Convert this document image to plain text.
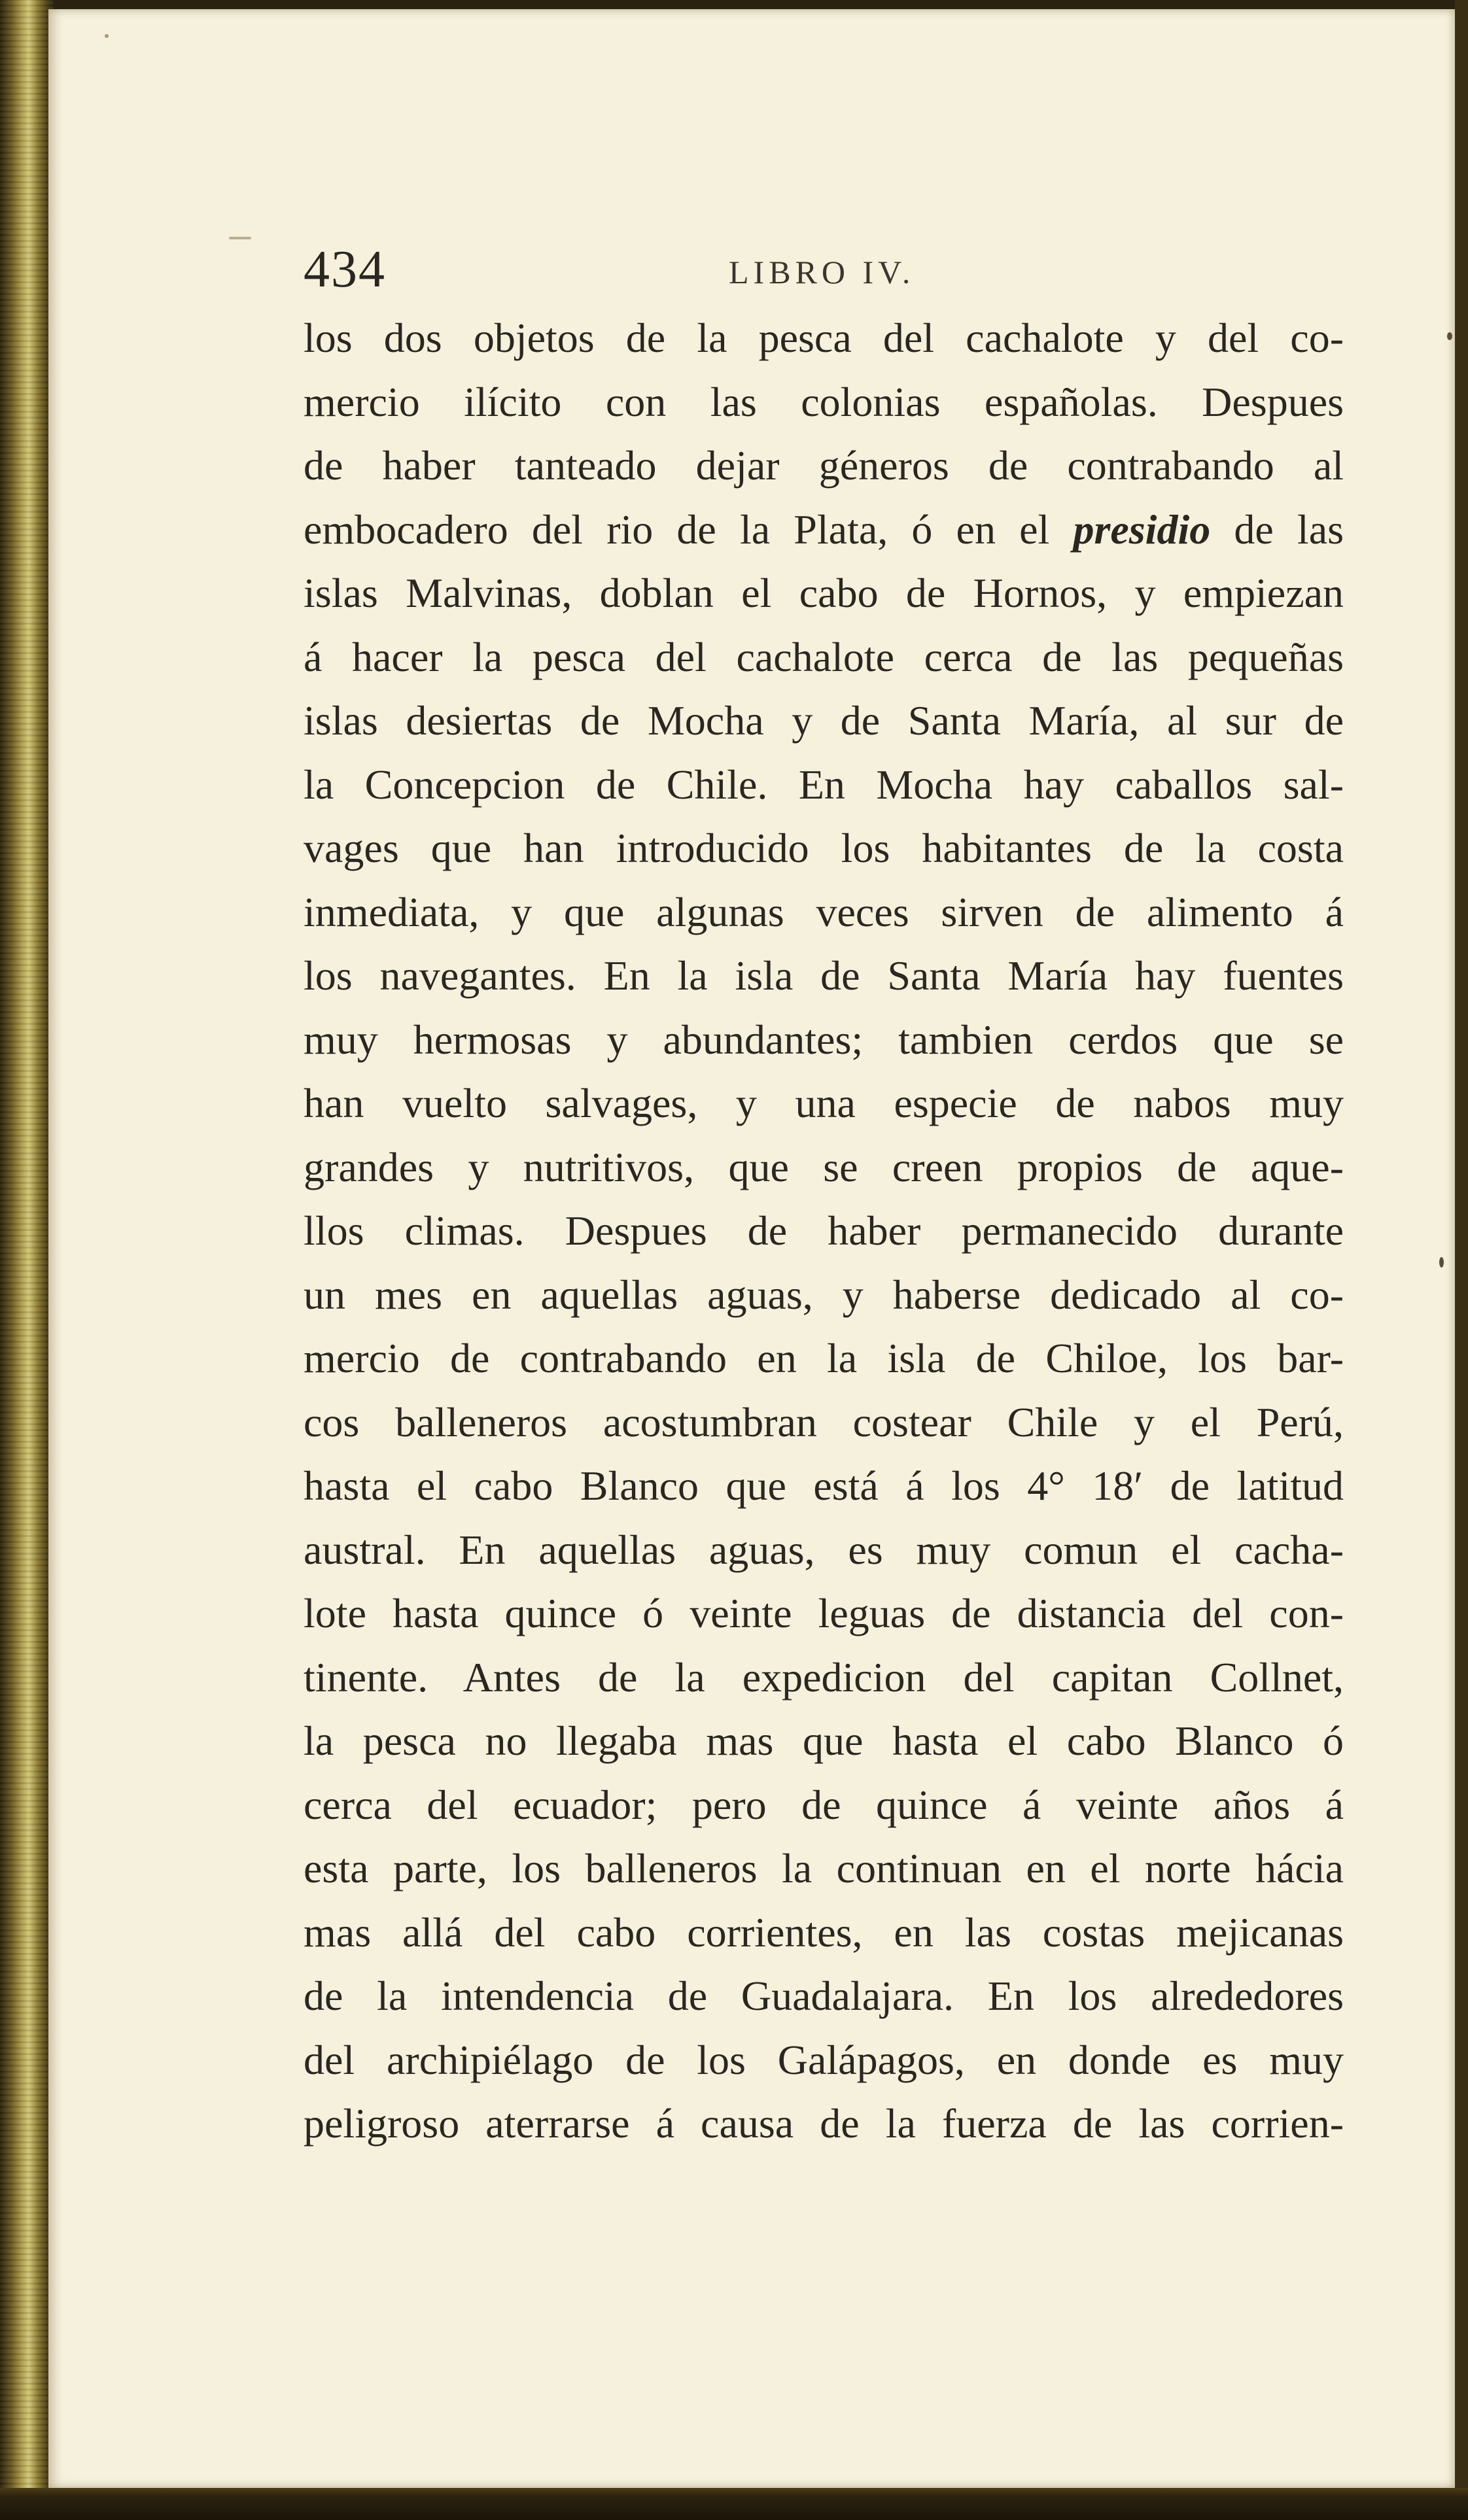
434	LIBRO IV.
los dos objetos de la pesca del cachalote y del co-
mercio ilícito con las colonias españolas. Despues
de haber tanteado dejar géneros de contrabando al
embocadero del rio de la Plata, ó en el presidio de las
islas Malvinas, doblan el cabo de Hornos, y empiezan
á hacer la pesca del cachalote cerca de las pequeñas
islas desiertas de Mocha y de Santa María, al sur de
la Concepcion de Chile. En Mocha hay caballos sal-
vages que han introducido los habitantes de la costa
inmediata, y que algunas veces sirven de alimento á
los navegantes. En la isla de Santa María hay fuentes
muy hermosas y abundantes; tambien cerdos que se
han vuelto salvages, y una especie de nabos muy
grandes y nutritivos, que se creen propios de aque-
llos climas. Despues de haber permanecido durante
un mes en aquellas aguas, y haberse dedicado al co-
mercio de contrabando en la isla de Chiloe, los bar-
cos balleneros acostumbran costear Chile y el Perú,
hasta el cabo Blanco que está á los 4° 18′ de latitud
austral. En aquellas aguas, es muy comun el cacha-
lote hasta quince ó veinte leguas de distancia del con-
tinente. Antes de la expedicion del capitan Collnet,
la pesca no llegaba mas que hasta el cabo Blanco ó
cerca del ecuador; pero de quince á veinte años á
esta parte, los balleneros la continuan en el norte hácia
mas allá del cabo corrientes, en las costas mejicanas
de la intendencia de Guadalajara. En los alrededores
del archipiélago de los Galápagos, en donde es muy
peligroso aterrarse á causa de la fuerza de las corrien-
